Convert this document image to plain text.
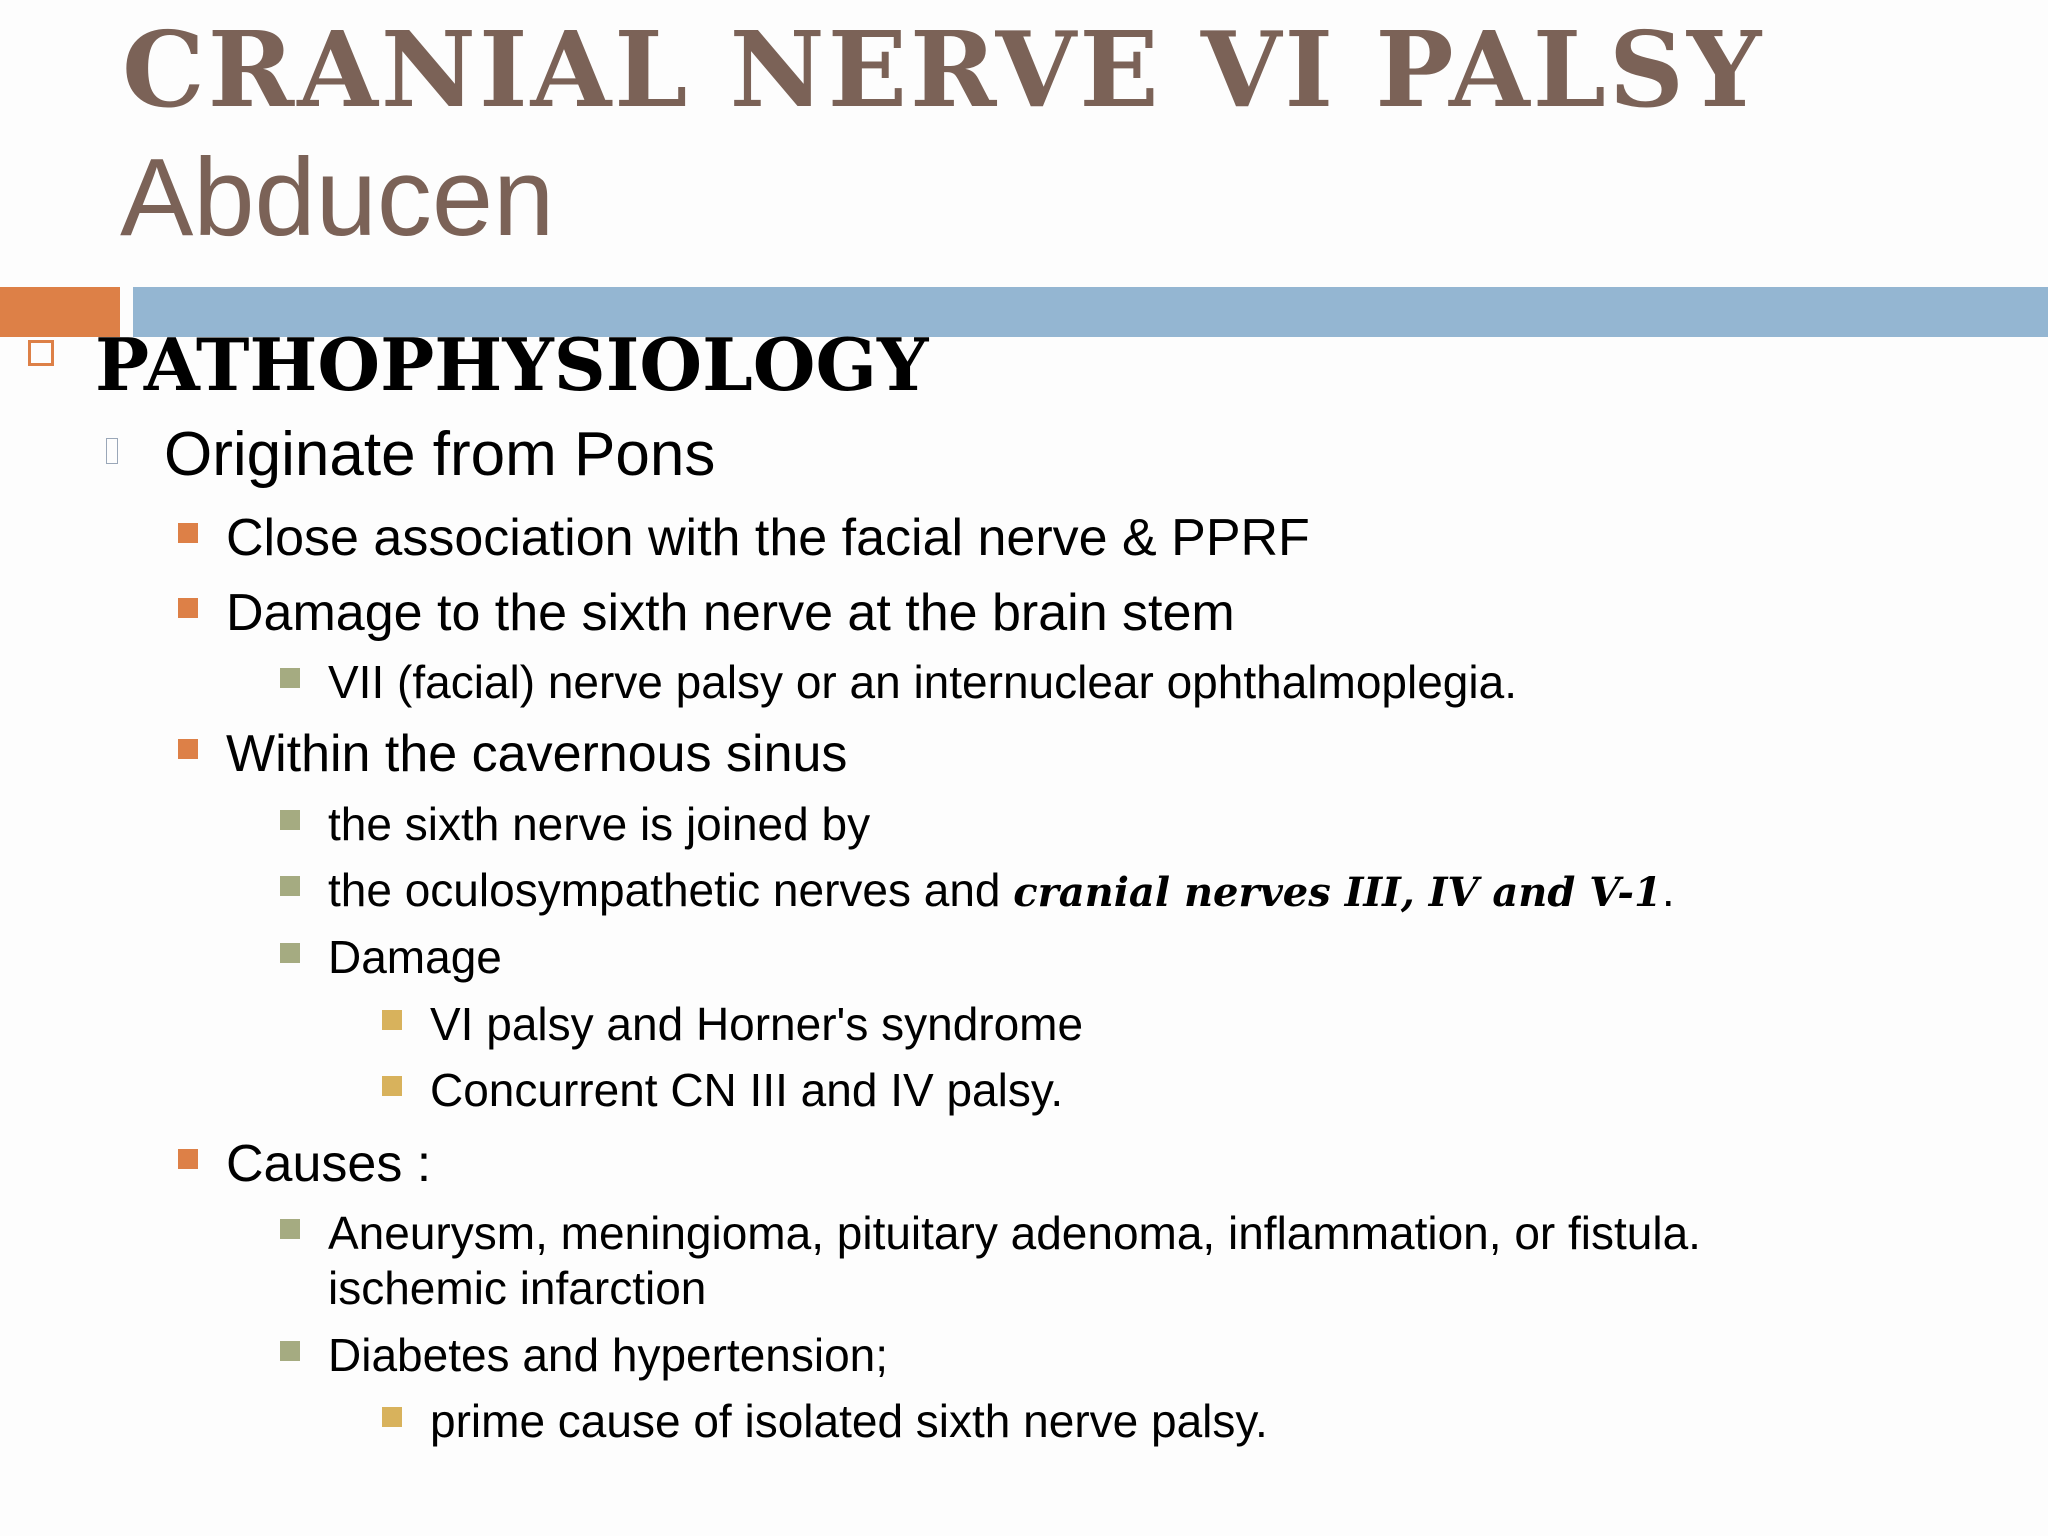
CRANIAL NERVE VI PALSY
Abducen
PATHOPHYSIOLOGY
Originate from Pons
Close association with the facial nerve & PPRF
Damage to the sixth nerve at the brain stem
VII (facial) nerve palsy or an internuclear ophthalmoplegia.
Within the cavernous sinus
the sixth nerve is joined by
the oculosympathetic nerves and cranial nerves III, IV and V-1.
Damage
VI palsy and Horner's syndrome
Concurrent CN III and IV palsy.
Causes :
Aneurysm, meningioma, pituitary adenoma, inflammation, or fistula.
ischemic infarction
Diabetes and hypertension;
prime cause of isolated sixth nerve palsy.
